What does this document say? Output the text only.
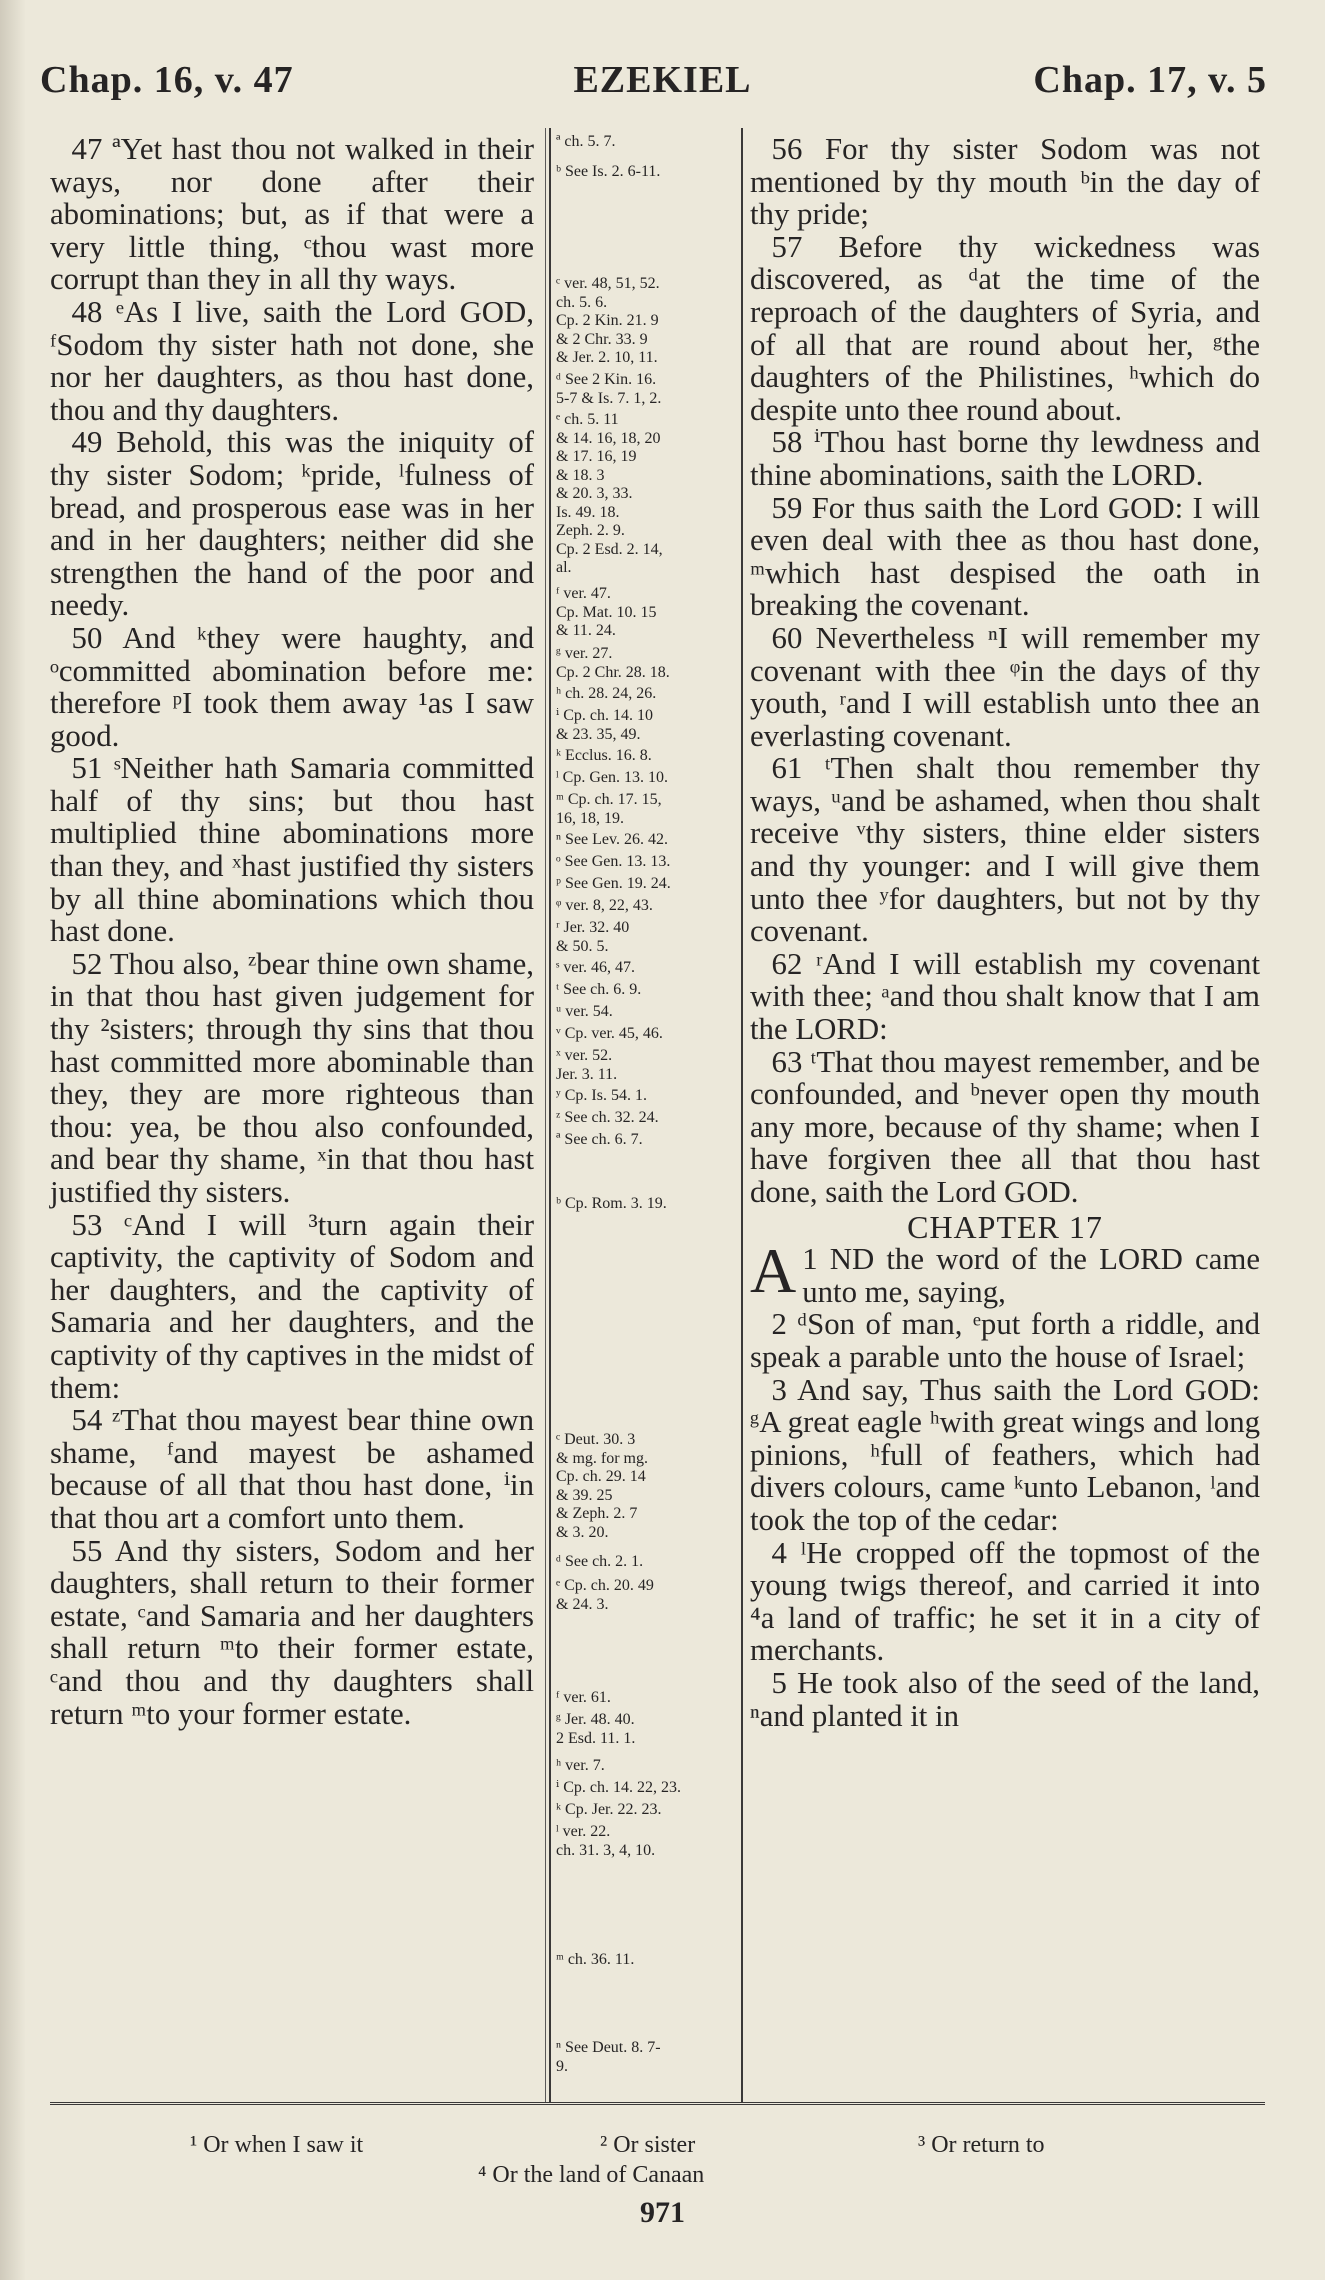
Chap. 16, v. 47	EZEKIEL	Chap. 17, v. 5

47 ªYet hast thou not walked in their ways, nor done after their abominations; but, as if that were a very little thing, ᶜthou wast more corrupt than they in all thy ways.

48 ᵉAs I live, saith the Lord GOD, ᶠSodom thy sister hath not done, she nor her daughters, as thou hast done, thou and thy daughters.

49 Behold, this was the iniquity of thy sister Sodom; ᵏpride, ˡfulness of bread, and prosperous ease was in her and in her daughters; neither did she strengthen the hand of the poor and needy.

50 And ᵏthey were haughty, and ᵒcommitted abomination before me: therefore ᵖI took them away ¹as I saw good.

51 ˢNeither hath Samaria committed half of thy sins; but thou hast multiplied thine abominations more than they, and ˣhast justified thy sisters by all thine abominations which thou hast done.

52 Thou also, ᶻbear thine own shame, in that thou hast given judgement for thy ²sisters; through thy sins that thou hast committed more abominable than they, they are more righteous than thou: yea, be thou also confounded, and bear thy shame, ˣin that thou hast justified thy sisters.

53 ᶜAnd I will ³turn again their captivity, the captivity of Sodom and her daughters, and the captivity of Samaria and her daughters, and the captivity of thy captives in the midst of them:

54 ᶻThat thou mayest bear thine own shame, ᶠand mayest be ashamed because of all that thou hast done, ⁱin that thou art a comfort unto them.

55 And thy sisters, Sodom and her daughters, shall return to their former estate, ᶜand Samaria and her daughters shall return ᵐto their former estate, ᶜand thou and thy daughters shall return ᵐto your former estate.

ª ch. 5. 7.
ᵇ See Is. 2. 6-11.
ᶜ ver. 48, 51, 52.
ch. 5. 6.
Cp. 2 Kin. 21. 9
& 2 Chr. 33. 9
& Jer. 2. 10, 11.
ᵈ See 2 Kin. 16.
5-7 & Is. 7. 1, 2.
ᵉ ch. 5. 11
& 14. 16, 18, 20
& 17. 16, 19
& 18. 3
& 20. 3, 33.
Is. 49. 18.
Zeph. 2. 9.
Cp. 2 Esd. 2. 14,
al.
ᶠ ver. 47.
Cp. Mat. 10. 15
& 11. 24.
ᵍ ver. 27.
Cp. 2 Chr. 28. 18.
ʰ ch. 28. 24, 26.
ⁱ Cp. ch. 14. 10
& 23. 35, 49.
ᵏ Ecclus. 16. 8.
ˡ Cp. Gen. 13. 10.
ᵐ Cp. ch. 17. 15,
16, 18, 19.
ⁿ See Lev. 26. 42.
ᵒ See Gen. 13. 13.
ᵖ See Gen. 19. 24.
ᵠ ver. 8, 22, 43.
ʳ Jer. 32. 40
& 50. 5.
ˢ ver. 46, 47.
ᵗ See ch. 6. 9.
ᵘ ver. 54.
ᵛ Cp. ver. 45, 46.
ˣ ver. 52.
Jer. 3. 11.
ʸ Cp. Is. 54. 1.
ᶻ See ch. 32. 24.
ª See ch. 6. 7.
ᵇ Cp. Rom. 3. 19.
ᶜ Deut. 30. 3
& mg. for mg.
Cp. ch. 29. 14
& 39. 25
& Zeph. 2. 7
& 3. 20.
ᵈ See ch. 2. 1.
ᵉ Cp. ch. 20. 49
& 24. 3.
ᶠ ver. 61.
ᵍ Jer. 48. 40.
2 Esd. 11. 1.
ʰ ver. 7.
ⁱ Cp. ch. 14. 22, 23.
ᵏ Cp. Jer. 22. 23.
ˡ ver. 22.
ch. 31. 3, 4, 10.
ᵐ ch. 36. 11.
ⁿ See Deut. 8. 7-
9.

56 For thy sister Sodom was not mentioned by thy mouth ᵇin the day of thy pride;

57 Before thy wickedness was discovered, as ᵈat the time of the reproach of the daughters of Syria, and of all that are round about her, ᵍthe daughters of the Philistines, ʰwhich do despite unto thee round about.

58 ⁱThou hast borne thy lewdness and thine abominations, saith the LORD.

59 For thus saith the Lord GOD: I will even deal with thee as thou hast done, ᵐwhich hast despised the oath in breaking the covenant.

60 Nevertheless ⁿI will remember my covenant with thee ᵠin the days of thy youth, ʳand I will establish unto thee an everlasting covenant.

61 ᵗThen shalt thou remember thy ways, ᵘand be ashamed, when thou shalt receive ᵛthy sisters, thine elder sisters and thy younger: and I will give them unto thee ʸfor daughters, but not by thy covenant.

62 ʳAnd I will establish my covenant with thee; ᵃand thou shalt know that I am the LORD:

63 ᵗThat thou mayest remember, and be confounded, and ᵇnever open thy mouth any more, because of thy shame; when I have forgiven thee all that thou hast done, saith the Lord GOD.

CHAPTER 17

1
A ND the word of the LORD came unto me, saying,

2 ᵈSon of man, ᵉput forth a riddle, and speak a parable unto the house of Israel;

3 And say, Thus saith the Lord GOD: ᵍA great eagle ʰwith great wings and long pinions, ʰfull of feathers, which had divers colours, came ᵏunto Lebanon, ˡand took the top of the cedar:

4 ˡHe cropped off the topmost of the young twigs thereof, and carried it into ⁴a land of traffic; he set it in a city of merchants.

5 He took also of the seed of the land, ⁿand planted it in

¹ Or when I saw it	² Or sister	³ Or return to
⁴ Or the land of Canaan
971
